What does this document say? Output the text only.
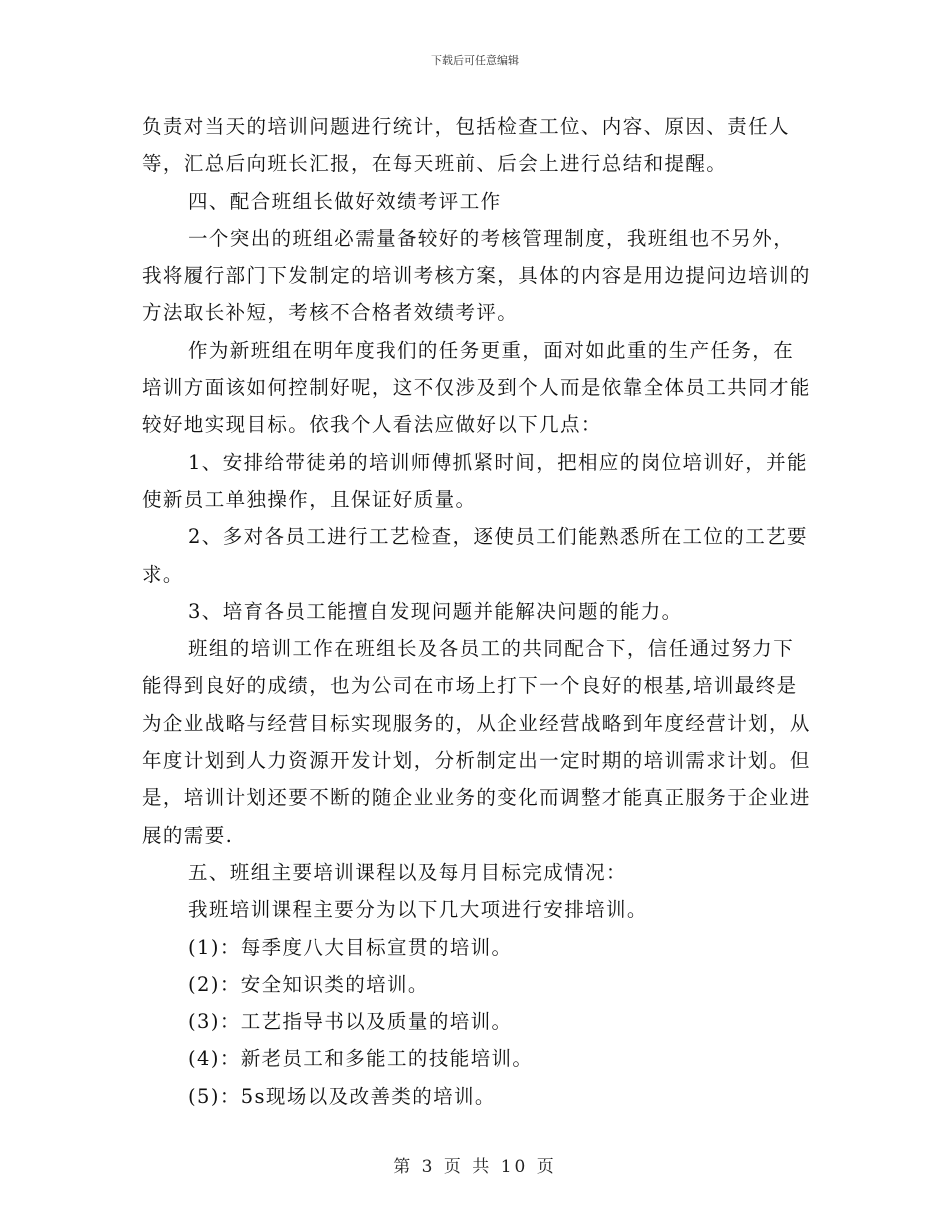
下载后可任意编辑

负责对当天的培训问题进行统计，包括检查工位、内容、原因、责任人等，汇总后向班长汇报，在每天班前、后会上进行总结和提醒。

四、配合班组长做好效绩考评工作

一个突出的班组必需量备较好的考核管理制度，我班组也不另外，我将履行部门下发制定的培训考核方案，具体的内容是用边提问边培训的方法取长补短，考核不合格者效绩考评。

作为新班组在明年度我们的任务更重，面对如此重的生产任务，在培训方面该如何控制好呢，这不仅涉及到个人而是依靠全体员工共同才能较好地实现目标。依我个人看法应做好以下几点：

1、安排给带徒弟的培训师傅抓紧时间，把相应的岗位培训好，并能使新员工单独操作，且保证好质量。

2、多对各员工进行工艺检查，逐使员工们能熟悉所在工位的工艺要求。

3、培育各员工能擅自发现问题并能解决问题的能力。

班组的培训工作在班组长及各员工的共同配合下，信任通过努力下能得到良好的成绩，也为公司在市场上打下一个良好的根基,培训最终是为企业战略与经营目标实现服务的，从企业经营战略到年度经营计划，从年度计划到人力资源开发计划，分析制定出一定时期的培训需求计划。但是，培训计划还要不断的随企业业务的变化而调整才能真正服务于企业进展的需要.

五、班组主要培训课程以及每月目标完成情况：

我班培训课程主要分为以下几大项进行安排培训。

(1)：每季度八大目标宣贯的培训。

(2)：安全知识类的培训。

(3)：工艺指导书以及质量的培训。

(4)：新老员工和多能工的技能培训。

(5)：5s现场以及改善类的培训。

第 3 页 共 10 页
